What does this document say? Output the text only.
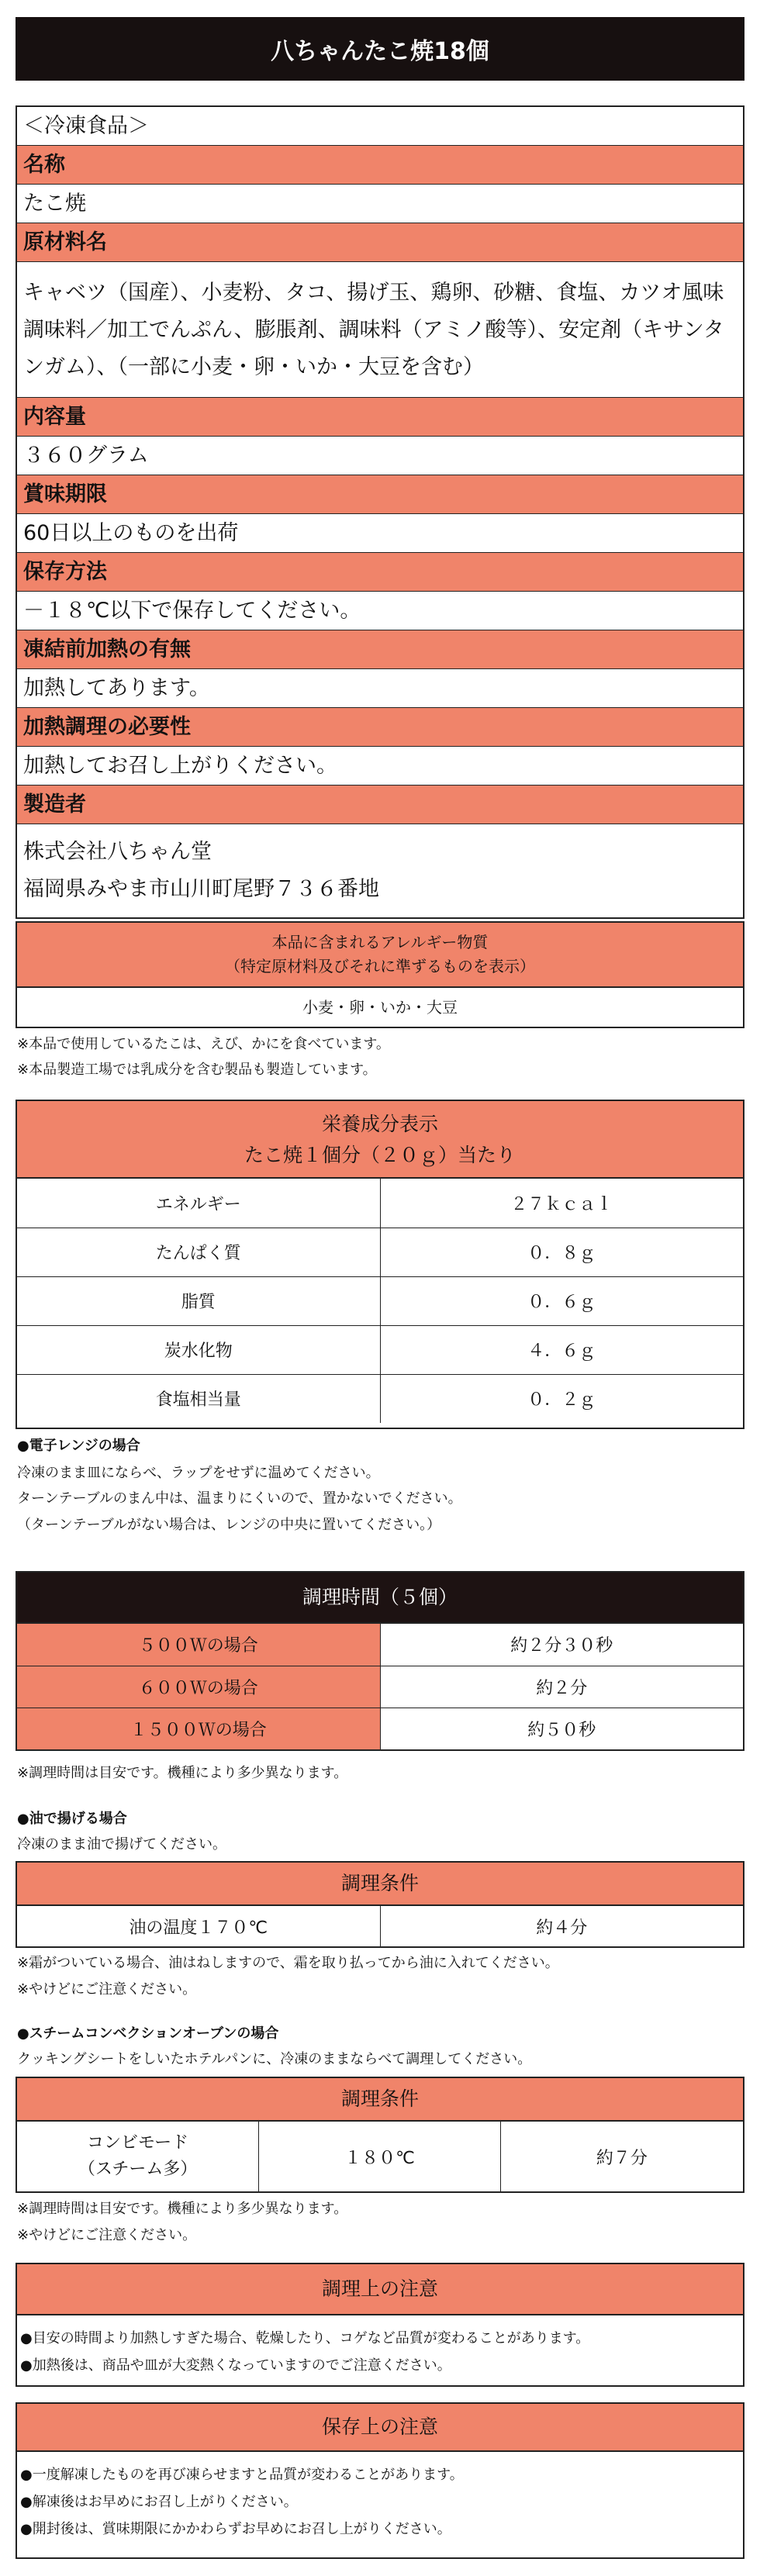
八ちゃんたこ焼18個
＜冷凍食品＞
名称
たこ焼
原材料名
キャベツ（国産）、小麦粉、タコ、揚げ玉、鶏卵、砂糖、食塩、カツオ風味調味料／加工でんぷん、膨脹剤、調味料（アミノ酸等）、安定剤（キサンタンガム）、（一部に小麦・卵・いか・大豆を含む）
内容量
３６０グラム
賞味期限
60日以上のものを出荷
保存方法
－１８℃以下で保存してください。
凍結前加熱の有無
加熱してあります。
加熱調理の必要性
加熱してお召し上がりください。
製造者
株式会社八ちゃん堂
福岡県みやま市山川町尾野７３６番地
本品に含まれるアレルギー物質
（特定原材料及びそれに準ずるものを表示）
小麦・卵・いか・大豆
※本品で使用しているたこは、えび、かにを食べています。
※本品製造工場では乳成分を含む製品も製造しています。
栄養成分表示
たこ焼１個分（２０ｇ）当たり
エネルギー	２７ｋｃａｌ
たんぱく質	０．８ｇ
脂質	０．６ｇ
炭水化物	４．６ｇ
食塩相当量	０．２ｇ
●電子レンジの場合
冷凍のまま皿にならべ、ラップをせずに温めてください。
ターンテーブルのまん中は、温まりにくいので、置かないでください。
（ターンテーブルがない場合は、レンジの中央に置いてください。）
調理時間（５個）
５００Ｗの場合	約２分３０秒
６００Ｗの場合	約２分
１５００Ｗの場合	約５０秒
※調理時間は目安です。機種により多少異なります。
●油で揚げる場合
冷凍のまま油で揚げてください。
調理条件
油の温度１７０℃	約４分
※霜がついている場合、油はねしますので、霜を取り払ってから油に入れてください。
※やけどにご注意ください。
●スチームコンベクションオーブンの場合
クッキングシートをしいたホテルパンに、冷凍のままならべて調理してください。
調理条件
コンビモード
（スチーム多）
	１８０℃	約７分
※調理時間は目安です。機種により多少異なります。
※やけどにご注意ください。
調理上の注意
●目安の時間より加熱しすぎた場合、乾燥したり、コゲなど品質が変わることがあります。
●加熱後は、商品や皿が大変熱くなっていますのでご注意ください。
保存上の注意
●一度解凍したものを再び凍らせますと品質が変わることがあります。
●解凍後はお早めにお召し上がりください。
●開封後は、賞味期限にかかわらずお早めにお召し上がりください。
